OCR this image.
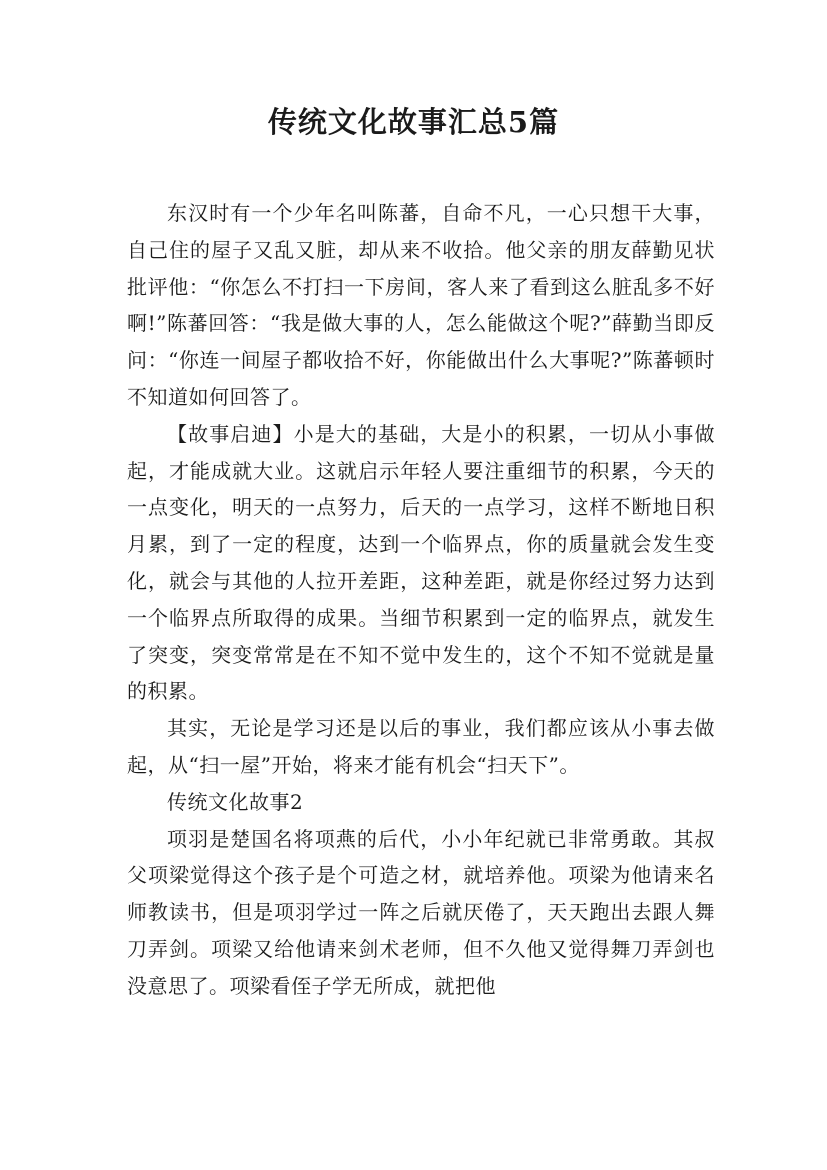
传统文化故事汇总5篇

东汉时有一个少年名叫陈蕃，自命不凡，一心只想干大事，自己住的屋子又乱又脏，却从来不收拾。他父亲的朋友薛勤见状批评他：“你怎么不打扫一下房间，客人来了看到这么脏乱多不好啊!”陈蕃回答：“我是做大事的人，怎么能做这个呢?”薛勤当即反问：“你连一间屋子都收拾不好，你能做出什么大事呢?”陈蕃顿时不知道如何回答了。

【故事启迪】小是大的基础，大是小的积累，一切从小事做起，才能成就大业。这就启示年轻人要注重细节的积累，今天的一点变化，明天的一点努力，后天的一点学习，这样不断地日积月累，到了一定的程度，达到一个临界点，你的质量就会发生变化，就会与其他的人拉开差距，这种差距，就是你经过努力达到一个临界点所取得的成果。当细节积累到一定的临界点，就发生了突变，突变常常是在不知不觉中发生的，这个不知不觉就是量的积累。

其实，无论是学习还是以后的事业，我们都应该从小事去做起，从“扫一屋”开始，将来才能有机会“扫天下”。

传统文化故事2

项羽是楚国名将项燕的后代，小小年纪就已非常勇敢。其叔父项梁觉得这个孩子是个可造之材，就培养他。项梁为他请来名师教读书，但是项羽学过一阵之后就厌倦了，天天跑出去跟人舞刀弄剑。项梁又给他请来剑术老师，但不久他又觉得舞刀弄剑也没意思了。项梁看侄子学无所成，就把他
